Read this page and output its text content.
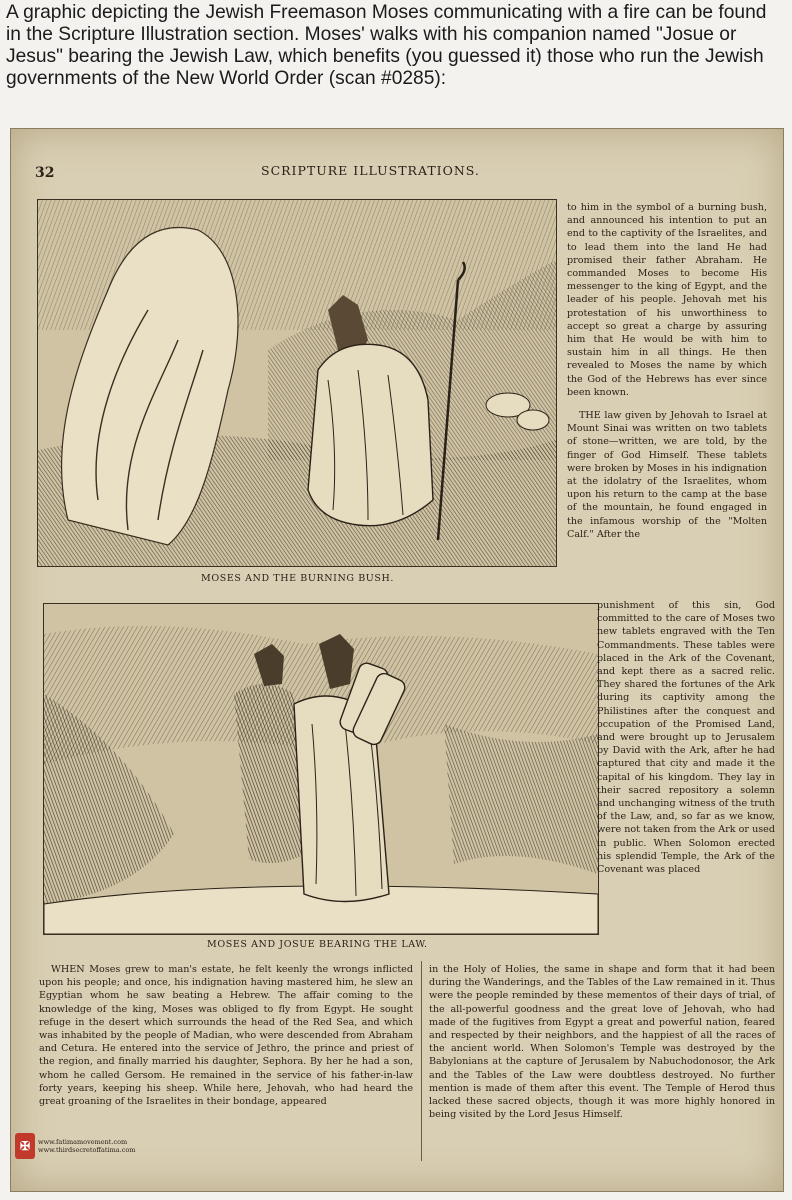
A graphic depicting the Jewish Freemason Moses communicating with a fire can be found in the Scripture Illustration section. Moses' walks with his companion named "Josue or Jesus" bearing the Jewish Law, which benefits (you guessed it) those who run the Jewish governments of the New World Order (scan #0285):
32	SCRIPTURE ILLUSTRATIONS.
MOSES AND THE BURNING BUSH.

to him in the symbol of a burning bush, and announced his intention to put an end to the captivity of the Israelites, and to lead them into the land He had promised their father Abraham. He commanded Moses to become His messenger to the king of Egypt, and the leader of his people. Jehovah met his protestation of his unworthiness to accept so great a charge by assuring him that He would be with him to sustain him in all things. He then revealed to Moses the name by which the God of the Hebrews has ever since been known.

THE law given by Jehovah to Israel at Mount Sinai was written on two tablets of stone—written, we are told, by the finger of God Himself. These tablets were broken by Moses in his indignation at the idolatry of the Israelites, whom upon his return to the camp at the base of the mountain, he found engaged in the infamous worship of the "Molten Calf." After the

MOSES AND JOSUE BEARING THE LAW.

punishment of this sin, God committed to the care of Moses two new tablets engraved with the Ten Commandments. These tables were placed in the Ark of the Covenant, and kept there as a sacred relic. They shared the fortunes of the Ark during its captivity among the Philistines after the conquest and occupation of the Promised Land, and were brought up to Jerusalem by David with the Ark, after he had captured that city and made it the capital of his kingdom. They lay in their sacred repository a solemn and unchanging witness of the truth of the Law, and, so far as we know, were not taken from the Ark or used in public. When Solomon erected his splendid Temple, the Ark of the Covenant was placed

WHEN Moses grew to man's estate, he felt keenly the wrongs inflicted upon his people; and once, his indignation having mastered him, he slew an Egyptian whom he saw beating a Hebrew. The affair coming to the knowledge of the king, Moses was obliged to fly from Egypt. He sought refuge in the desert which surrounds the head of the Red Sea, and which was inhabited by the people of Madian, who were descended from Abraham and Cetura. He entered into the service of Jethro, the prince and priest of the region, and finally married his daughter, Sephora. By her he had a son, whom he called Gersom. He remained in the service of his father-in-law forty years, keeping his sheep. While here, Jehovah, who had heard the great groaning of the Israelites in their bondage, appeared

in the Holy of Holies, the same in shape and form that it had been during the Wanderings, and the Tables of the Law remained in it. Thus were the people reminded by these mementos of their days of trial, of the all-powerful goodness and the great love of Jehovah, who had made of the fugitives from Egypt a great and powerful nation, feared and respected by their neighbors, and the happiest of all the races of the ancient world. When Solomon's Temple was destroyed by the Babylonians at the capture of Jerusalem by Nabuchodonosor, the Ark and the Tables of the Law were doubtless destroyed. No further mention is made of them after this event. The Temple of Herod thus lacked these sacred objects, though it was more highly honored in being visited by the Lord Jesus Himself.

✠	www.fatimamovement.com
www.thirdsecretoffatima.com
